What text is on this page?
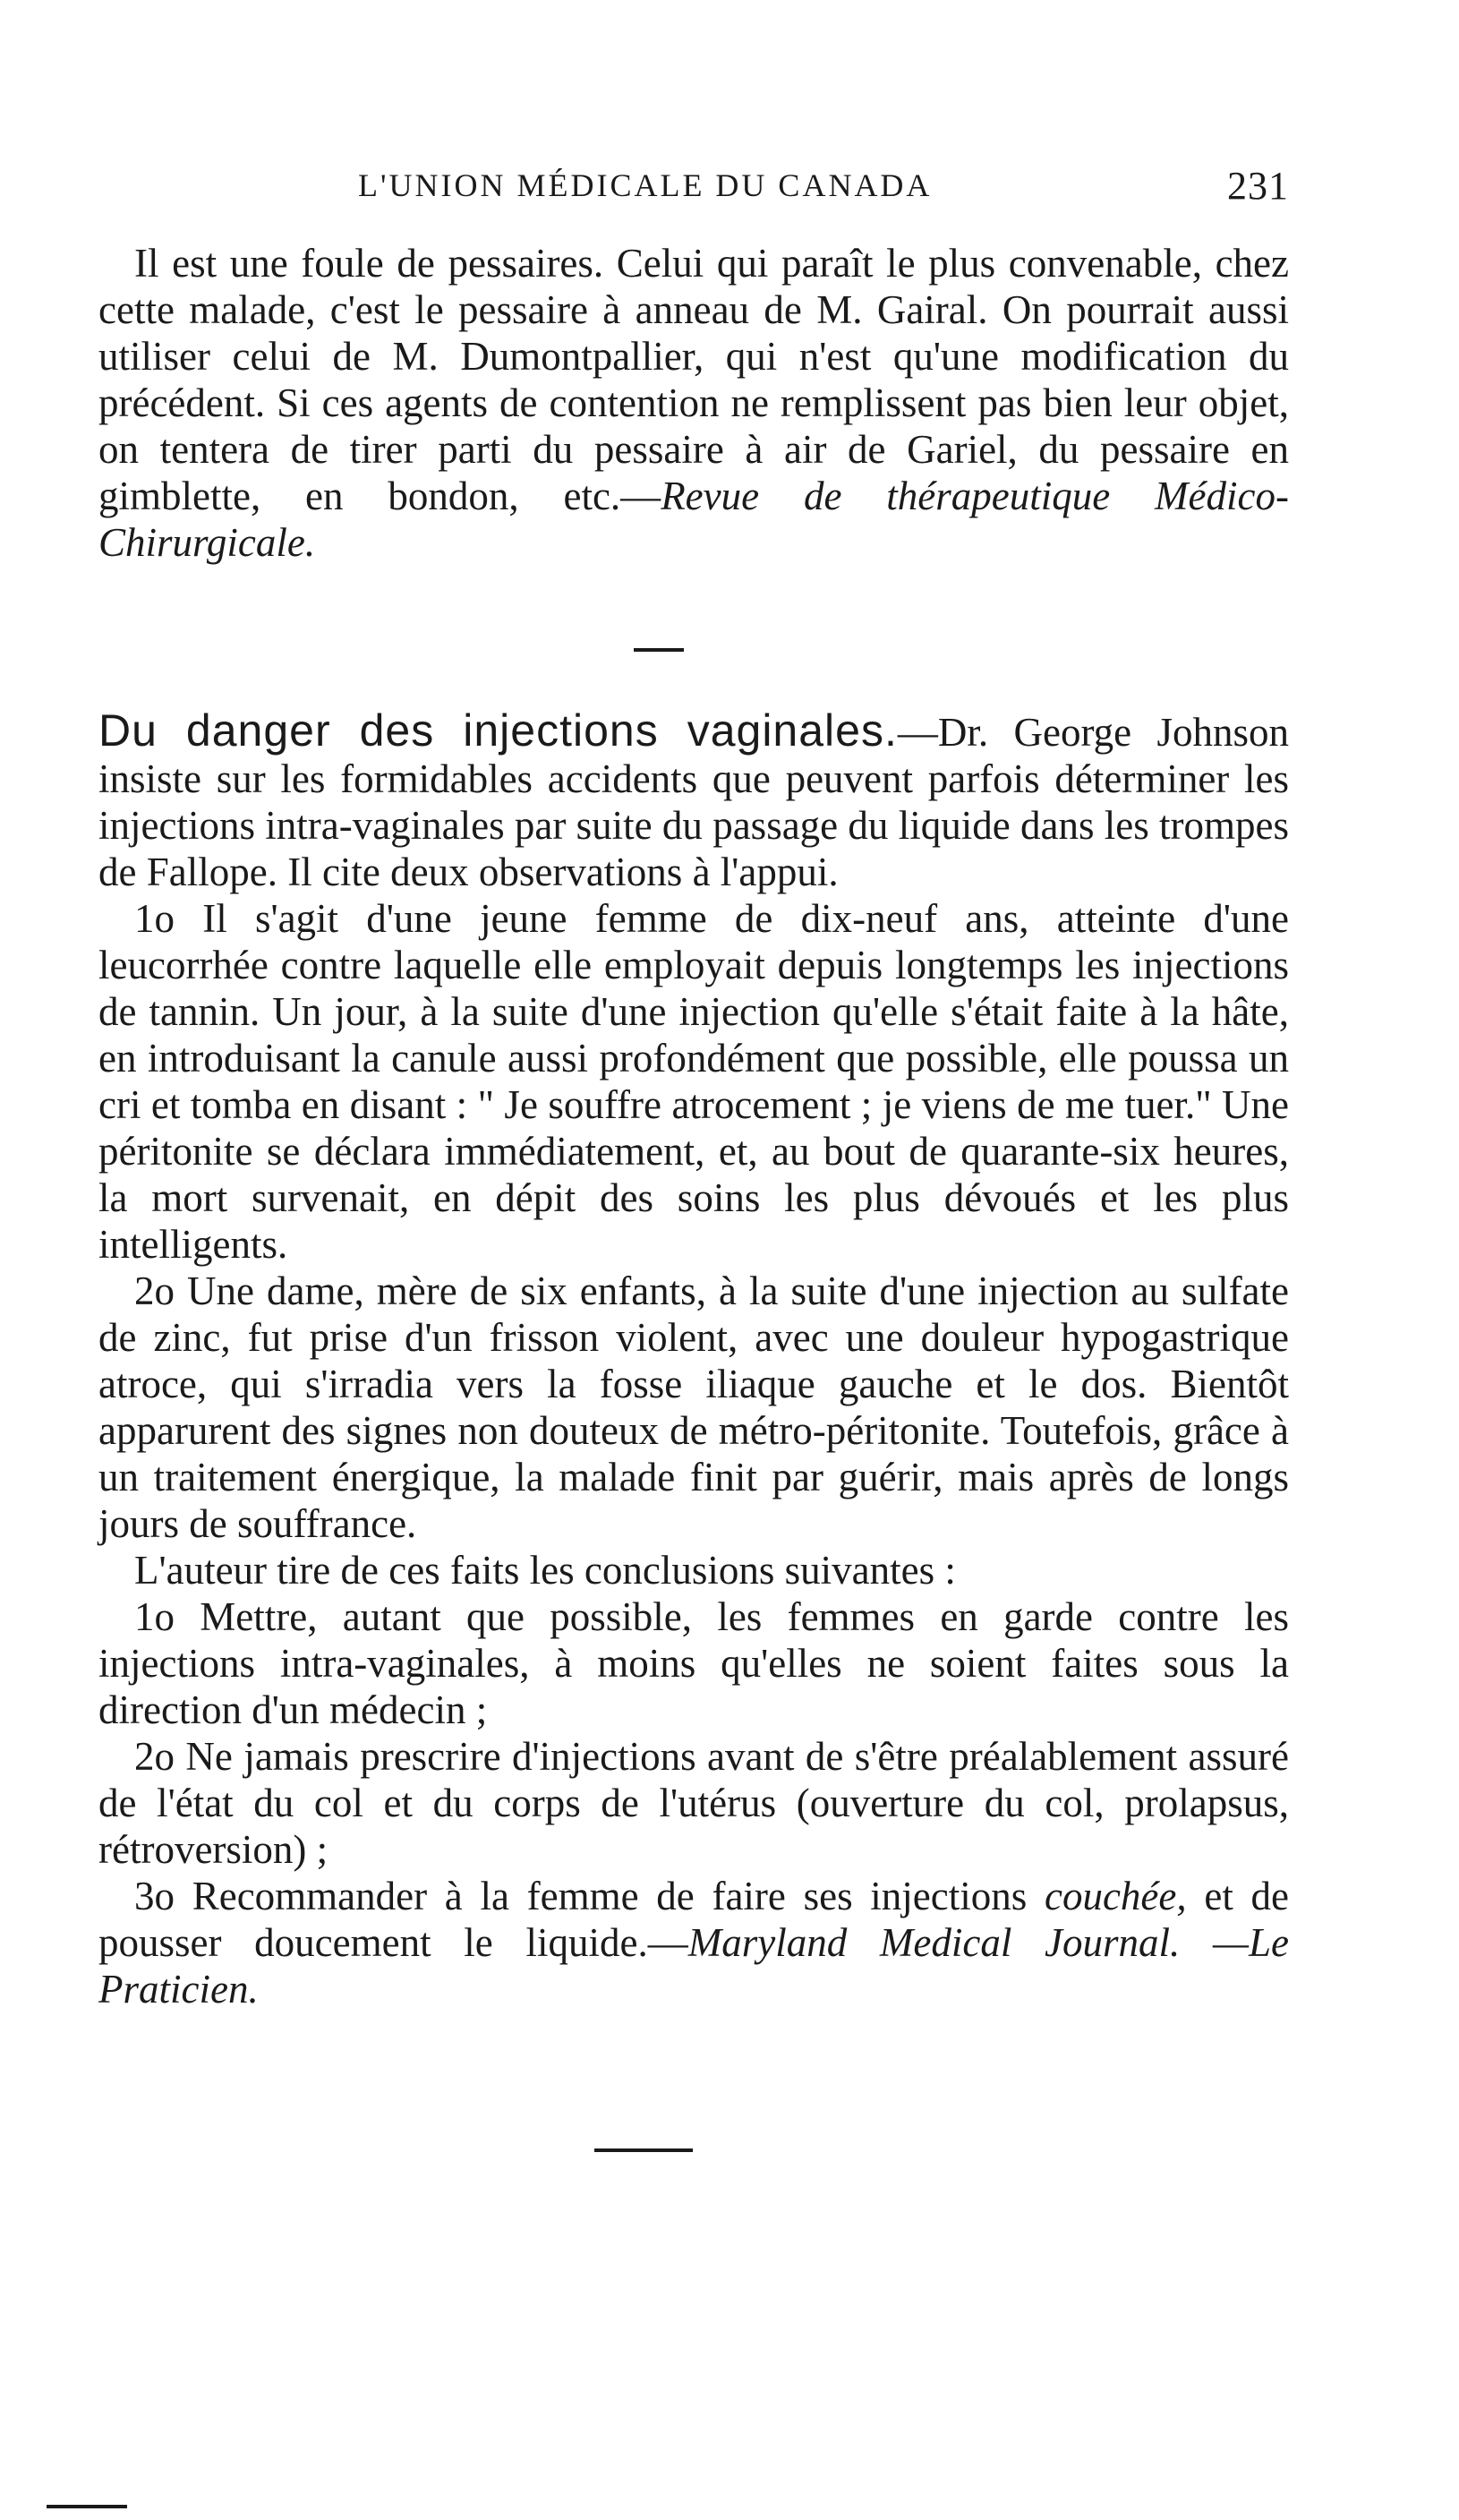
L'UNION MÉDICALE DU CANADA	231

Il est une foule de pessaires. Celui qui paraît le plus convenable, chez cette malade, c'est le pessaire à anneau de M. Gairal. On pourrait aussi utiliser celui de M. Dumontpallier, qui n'est qu'une modification du précédent. Si ces agents de contention ne remplissent pas bien leur objet, on tentera de tirer parti du pessaire à air de Gariel, du pessaire en gimblette, en bondon, etc.—Revue de thérapeutique Médico-Chirurgicale.

Du danger des injections vaginales.—Dr. George Johnson insiste sur les formidables accidents que peuvent parfois déterminer les injections intra-vaginales par suite du passage du liquide dans les trompes de Fallope. Il cite deux observations à l'appui.

1o Il s'agit d'une jeune femme de dix-neuf ans, atteinte d'une leucorrhée contre laquelle elle employait depuis longtemps les injections de tannin. Un jour, à la suite d'une injection qu'elle s'était faite à la hâte, en introduisant la canule aussi profondément que possible, elle poussa un cri et tomba en disant : " Je souffre atrocement ; je viens de me tuer." Une péritonite se déclara immédiatement, et, au bout de quarante-six heures, la mort survenait, en dépit des soins les plus dévoués et les plus intelligents.

2o Une dame, mère de six enfants, à la suite d'une injection au sulfate de zinc, fut prise d'un frisson violent, avec une douleur hypogastrique atroce, qui s'irradia vers la fosse iliaque gauche et le dos. Bientôt apparurent des signes non douteux de métro-péritonite. Toutefois, grâce à un traitement énergique, la malade finit par guérir, mais après de longs jours de souffrance.

L'auteur tire de ces faits les conclusions suivantes :

1o Mettre, autant que possible, les femmes en garde contre les injections intra-vaginales, à moins qu'elles ne soient faites sous la direction d'un médecin ;

2o Ne jamais prescrire d'injections avant de s'être préalablement assuré de l'état du col et du corps de l'utérus (ouverture du col, prolapsus, rétroversion) ;

3o Recommander à la femme de faire ses injections couchée, et de pousser doucement le liquide.—Maryland Medical Journal. —Le Praticien.
